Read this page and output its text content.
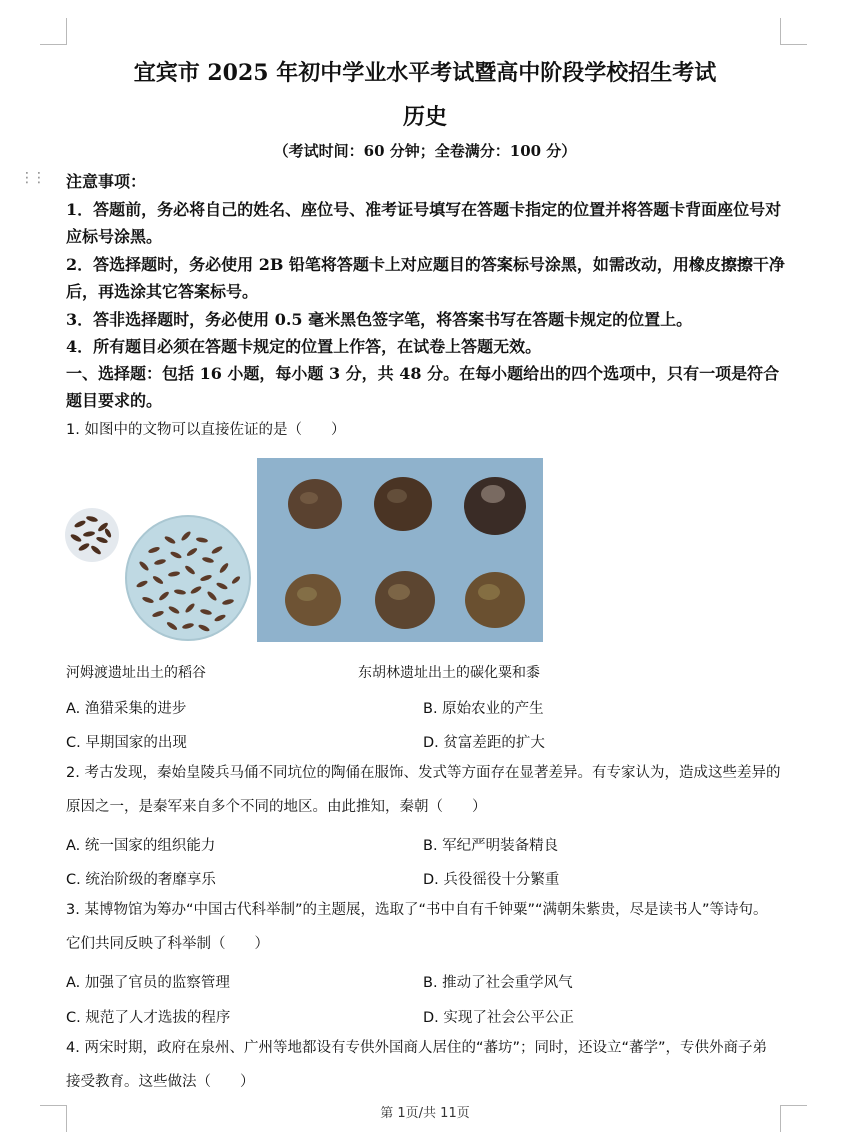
宜宾市 2025 年初中学业水平考试暨高中阶段学校招生考试
历史
（考试时间：60 分钟；全卷满分：100 分）
⋮⋮ 注意事项：
1．答题前，务必将自己的姓名、座位号、准考证号填写在答题卡指定的位置并将答题卡背面座位号对应标号涂黑。
2．答选择题时，务必使用 2B 铅笔将答题卡上对应题目的答案标号涂黑，如需改动，用橡皮擦擦干净后，再选涂其它答案标号。
3．答非选择题时，务必使用 0.5 毫米黑色签字笔，将答案书写在答题卡规定的位置上。
4．所有题目必须在答题卡规定的位置上作答，在试卷上答题无效。
一、选择题：包括 16 小题，每小题 3 分，共 48 分。在每小题给出的四个选项中，只有一项是符合题目要求的。
1. 如图中的文物可以直接佐证的是（　　）
河姆渡遗址出土的稻谷	东胡林遗址出土的碳化粟和黍
A. 渔猎采集的进步	B. 原始农业的产生
C. 早期国家的出现	D. 贫富差距的扩大
2. 考古发现，秦始皇陵兵马俑不同坑位的陶俑在服饰、发式等方面存在显著差异。有专家认为，造成这些差异的原因之一，是秦军来自多个不同的地区。由此推知，秦朝（　　）
A. 统一国家的组织能力	B. 军纪严明装备精良
C. 统治阶级的奢靡享乐	D. 兵役徭役十分繁重
3. 某博物馆为筹办“中国古代科举制”的主题展，选取了“书中自有千钟粟”“满朝朱紫贵，尽是读书人”等诗句。它们共同反映了科举制（　　）
A. 加强了官员的监察管理	B. 推动了社会重学风气
C. 规范了人才选拔的程序	D. 实现了社会公平公正
4. 两宋时期，政府在泉州、广州等地都设有专供外国商人居住的“蕃坊”；同时，还设立“蕃学”，专供外商子弟接受教育。这些做法（　　）
第 1页/共 11页
